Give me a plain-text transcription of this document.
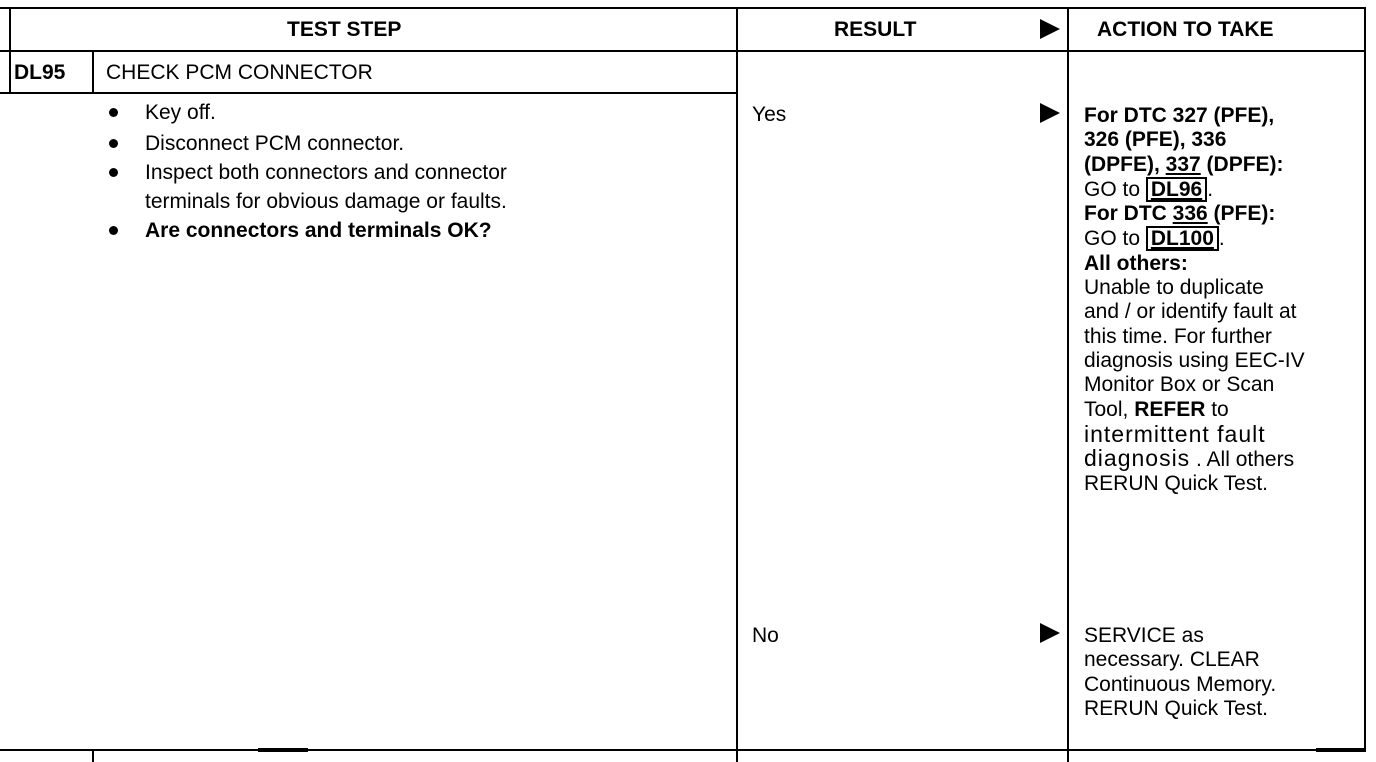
TEST STEP	RESULT	ACTION TO TAKE
DL95 CHECK PCM CONNECTOR
Key off.
Disconnect PCM connector.
Inspect both connectors and connector
terminals for obvious damage or faults.
Are connectors and terminals OK?
Yes
No
For DTC 327 (PFE),
326 (PFE), 336
(DPFE), 337 (DPFE):
GO to DL96 .
For DTC 336 (PFE):
GO to DL100 .
All others:
Unable to duplicate
and / or identify fault at
this time. For further
diagnosis using EEC-IV
Monitor Box or Scan
Tool, REFER to
intermittent fault
diagnosis . All others
RERUN Quick Test.
SERVICE as
necessary. CLEAR
Continuous Memory.
RERUN Quick Test.
